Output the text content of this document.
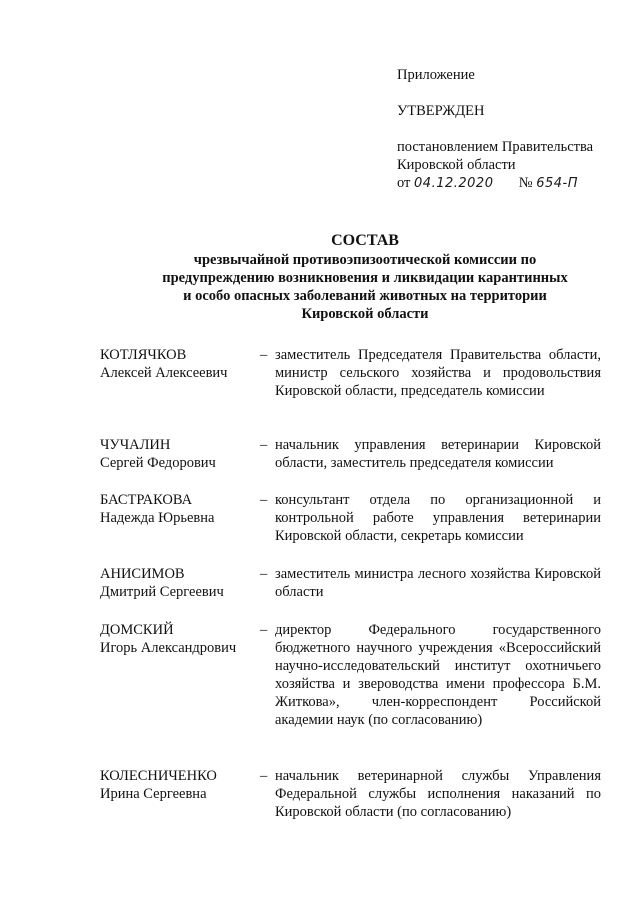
Приложение
УТВЕРЖДЕН
постановлением Правительства
Кировской области
от 04.12.2020 № 654-П
СОСТАВ
чрезвычайной противоэпизоотической комиссии по
предупреждению возникновения и ликвидации карантинных
и особо опасных заболеваний животных на территории
Кировской области
КОТЛЯЧКОВ
Алексей Алексеевич
– заместитель Председателя Правительства области, министр сельского хозяйства и продовольствия Кировской области, председатель комиссии
ЧУЧАЛИН
Сергей Федорович
– начальник управления ветеринарии Кировской области, заместитель председателя комиссии
БАСТРАКОВА
Надежда Юрьевна
– консультант отдела по организационной и контрольной работе управления ветеринарии Кировской области, секретарь комиссии
АНИСИМОВ
Дмитрий Сергеевич
– заместитель министра лесного хозяйства Кировской области
ДОМСКИЙ
Игорь Александрович
– директор Федерального государственного бюджетного научного учреждения «Всероссийский научно-исследовательский институт охотничьего хозяйства и звероводства имени профессора Б.М. Житкова», член-корреспондент Российской академии наук (по согласованию)
КОЛЕСНИЧЕНКО
Ирина Сергеевна
– начальник ветеринарной службы Управления Федеральной службы исполнения наказаний по Кировской области (по согласованию)
